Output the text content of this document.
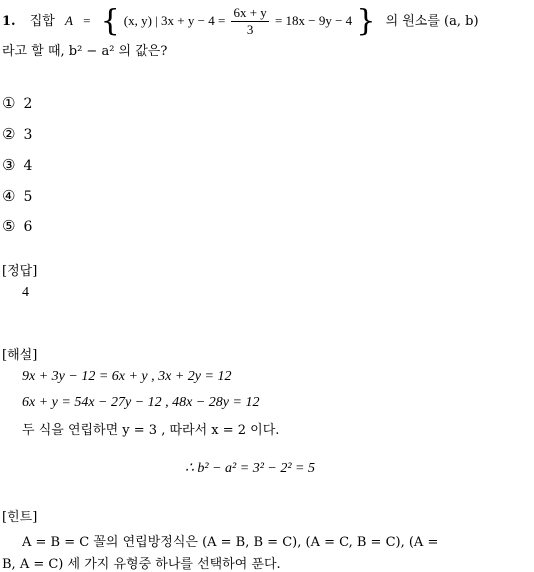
1. 집합 A = { (x, y) | $3x + y - 4 = \frac{6x + y}{3} = 18x - 9y - 4$ } 의 원소를 (a, b)
라고 할 때, b² − a² 의 값은?
① 2
② 3
③ 4
④ 5
⑤ 6
[정답]
4
[해설]
9x + 3y − 12 = 6x + y , 3x + 2y = 12
6x + y = 54x − 27y − 12 , 48x − 28y = 12
두 식을 연립하면 y = 3 , 따라서 x = 2 이다.
∴ b² − a² = 3² − 2² = 5
[힌트]
A = B = C 꼴의 연립방정식은 (A = B, B = C), (A = C, B = C), (A =
B, A = C) 세 가지 유형중 하나를 선택하여 푼다.
